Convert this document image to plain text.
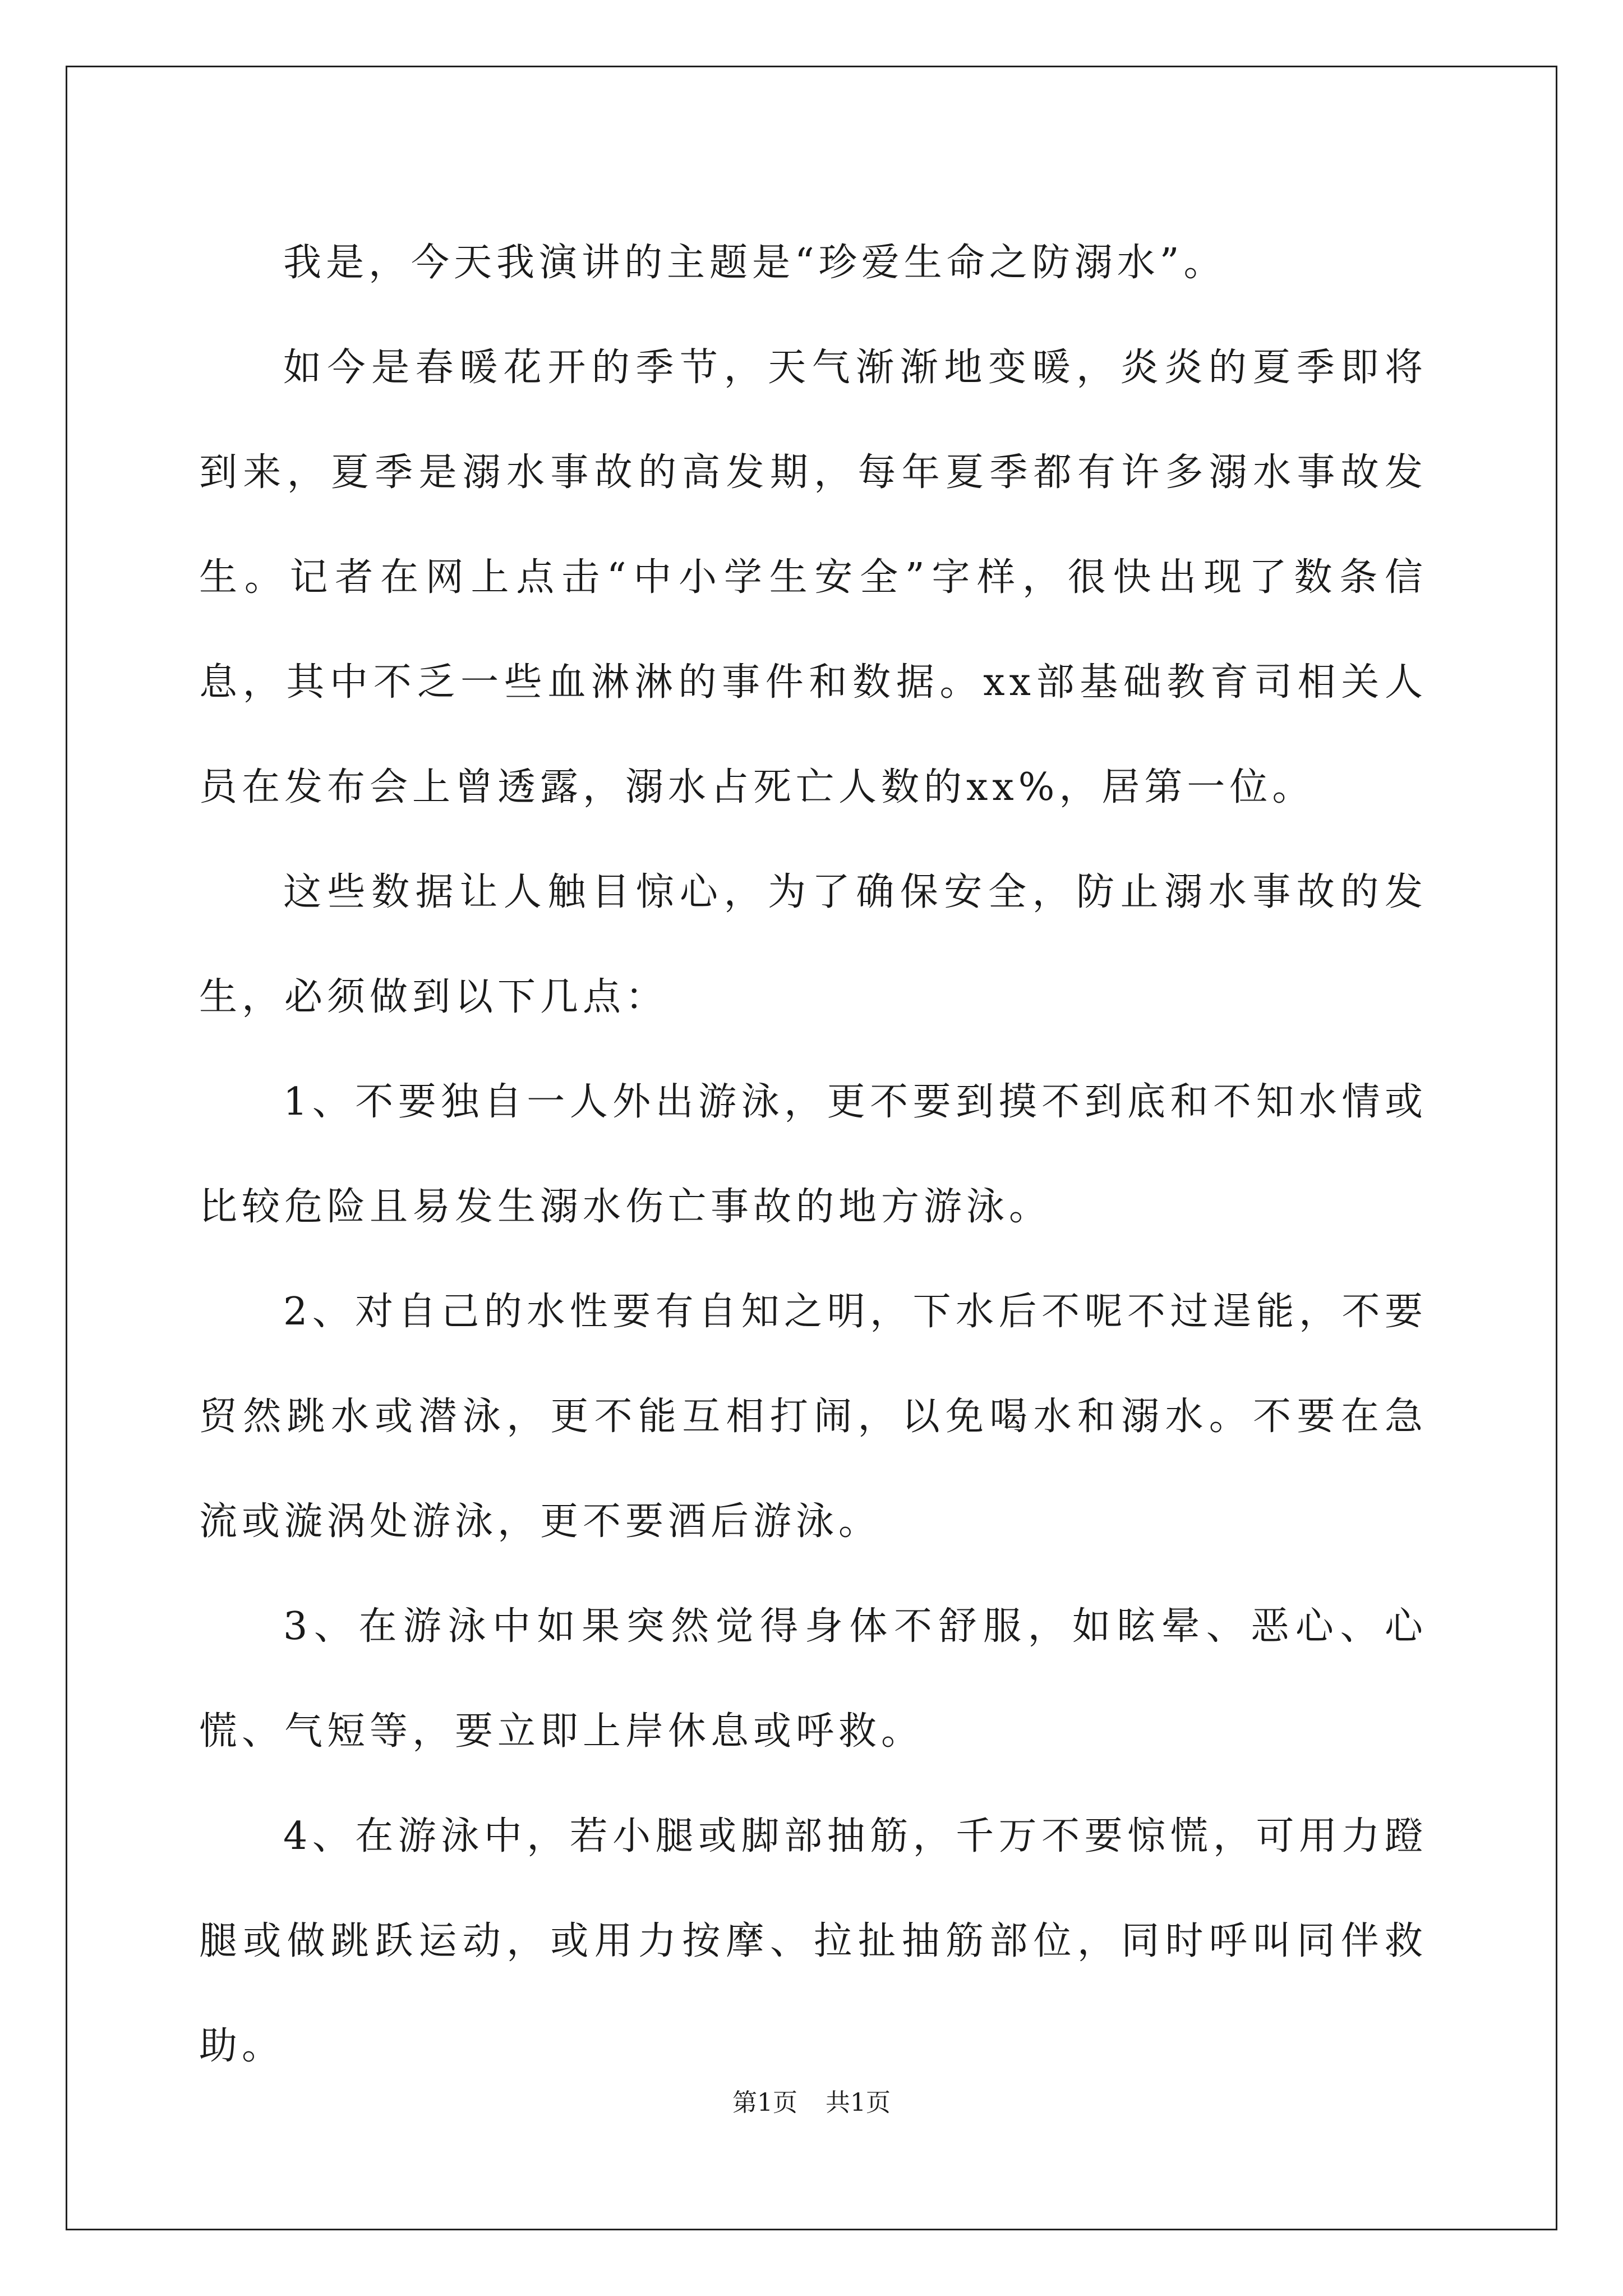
我是，今天我演讲的主题是“珍爱生命之防溺水”。

如今是春暖花开的季节，天气渐渐地变暖，炎炎的夏季即将到来，夏季是溺水事故的高发期，每年夏季都有许多溺水事故发生。记者在网上点击“中小学生安全”字样，很快出现了数条信息，其中不乏一些血淋淋的事件和数据。xx部基础教育司相关人员在发布会上曾透露，溺水占死亡人数的xx%，居第一位。

这些数据让人触目惊心，为了确保安全，防止溺水事故的发生，必须做到以下几点：

1、不要独自一人外出游泳，更不要到摸不到底和不知水情或比较危险且易发生溺水伤亡事故的地方游泳。

2、对自己的水性要有自知之明，下水后不呢不过逞能，不要贸然跳水或潜泳，更不能互相打闹，以免喝水和溺水。不要在急流或漩涡处游泳，更不要酒后游泳。

3、在游泳中如果突然觉得身体不舒服，如眩晕、恶心、心慌、气短等，要立即上岸休息或呼救。

4、在游泳中，若小腿或脚部抽筋，千万不要惊慌，可用力蹬腿或做跳跃运动，或用力按摩、拉扯抽筋部位，同时呼叫同伴救助。

第1页 共1页
